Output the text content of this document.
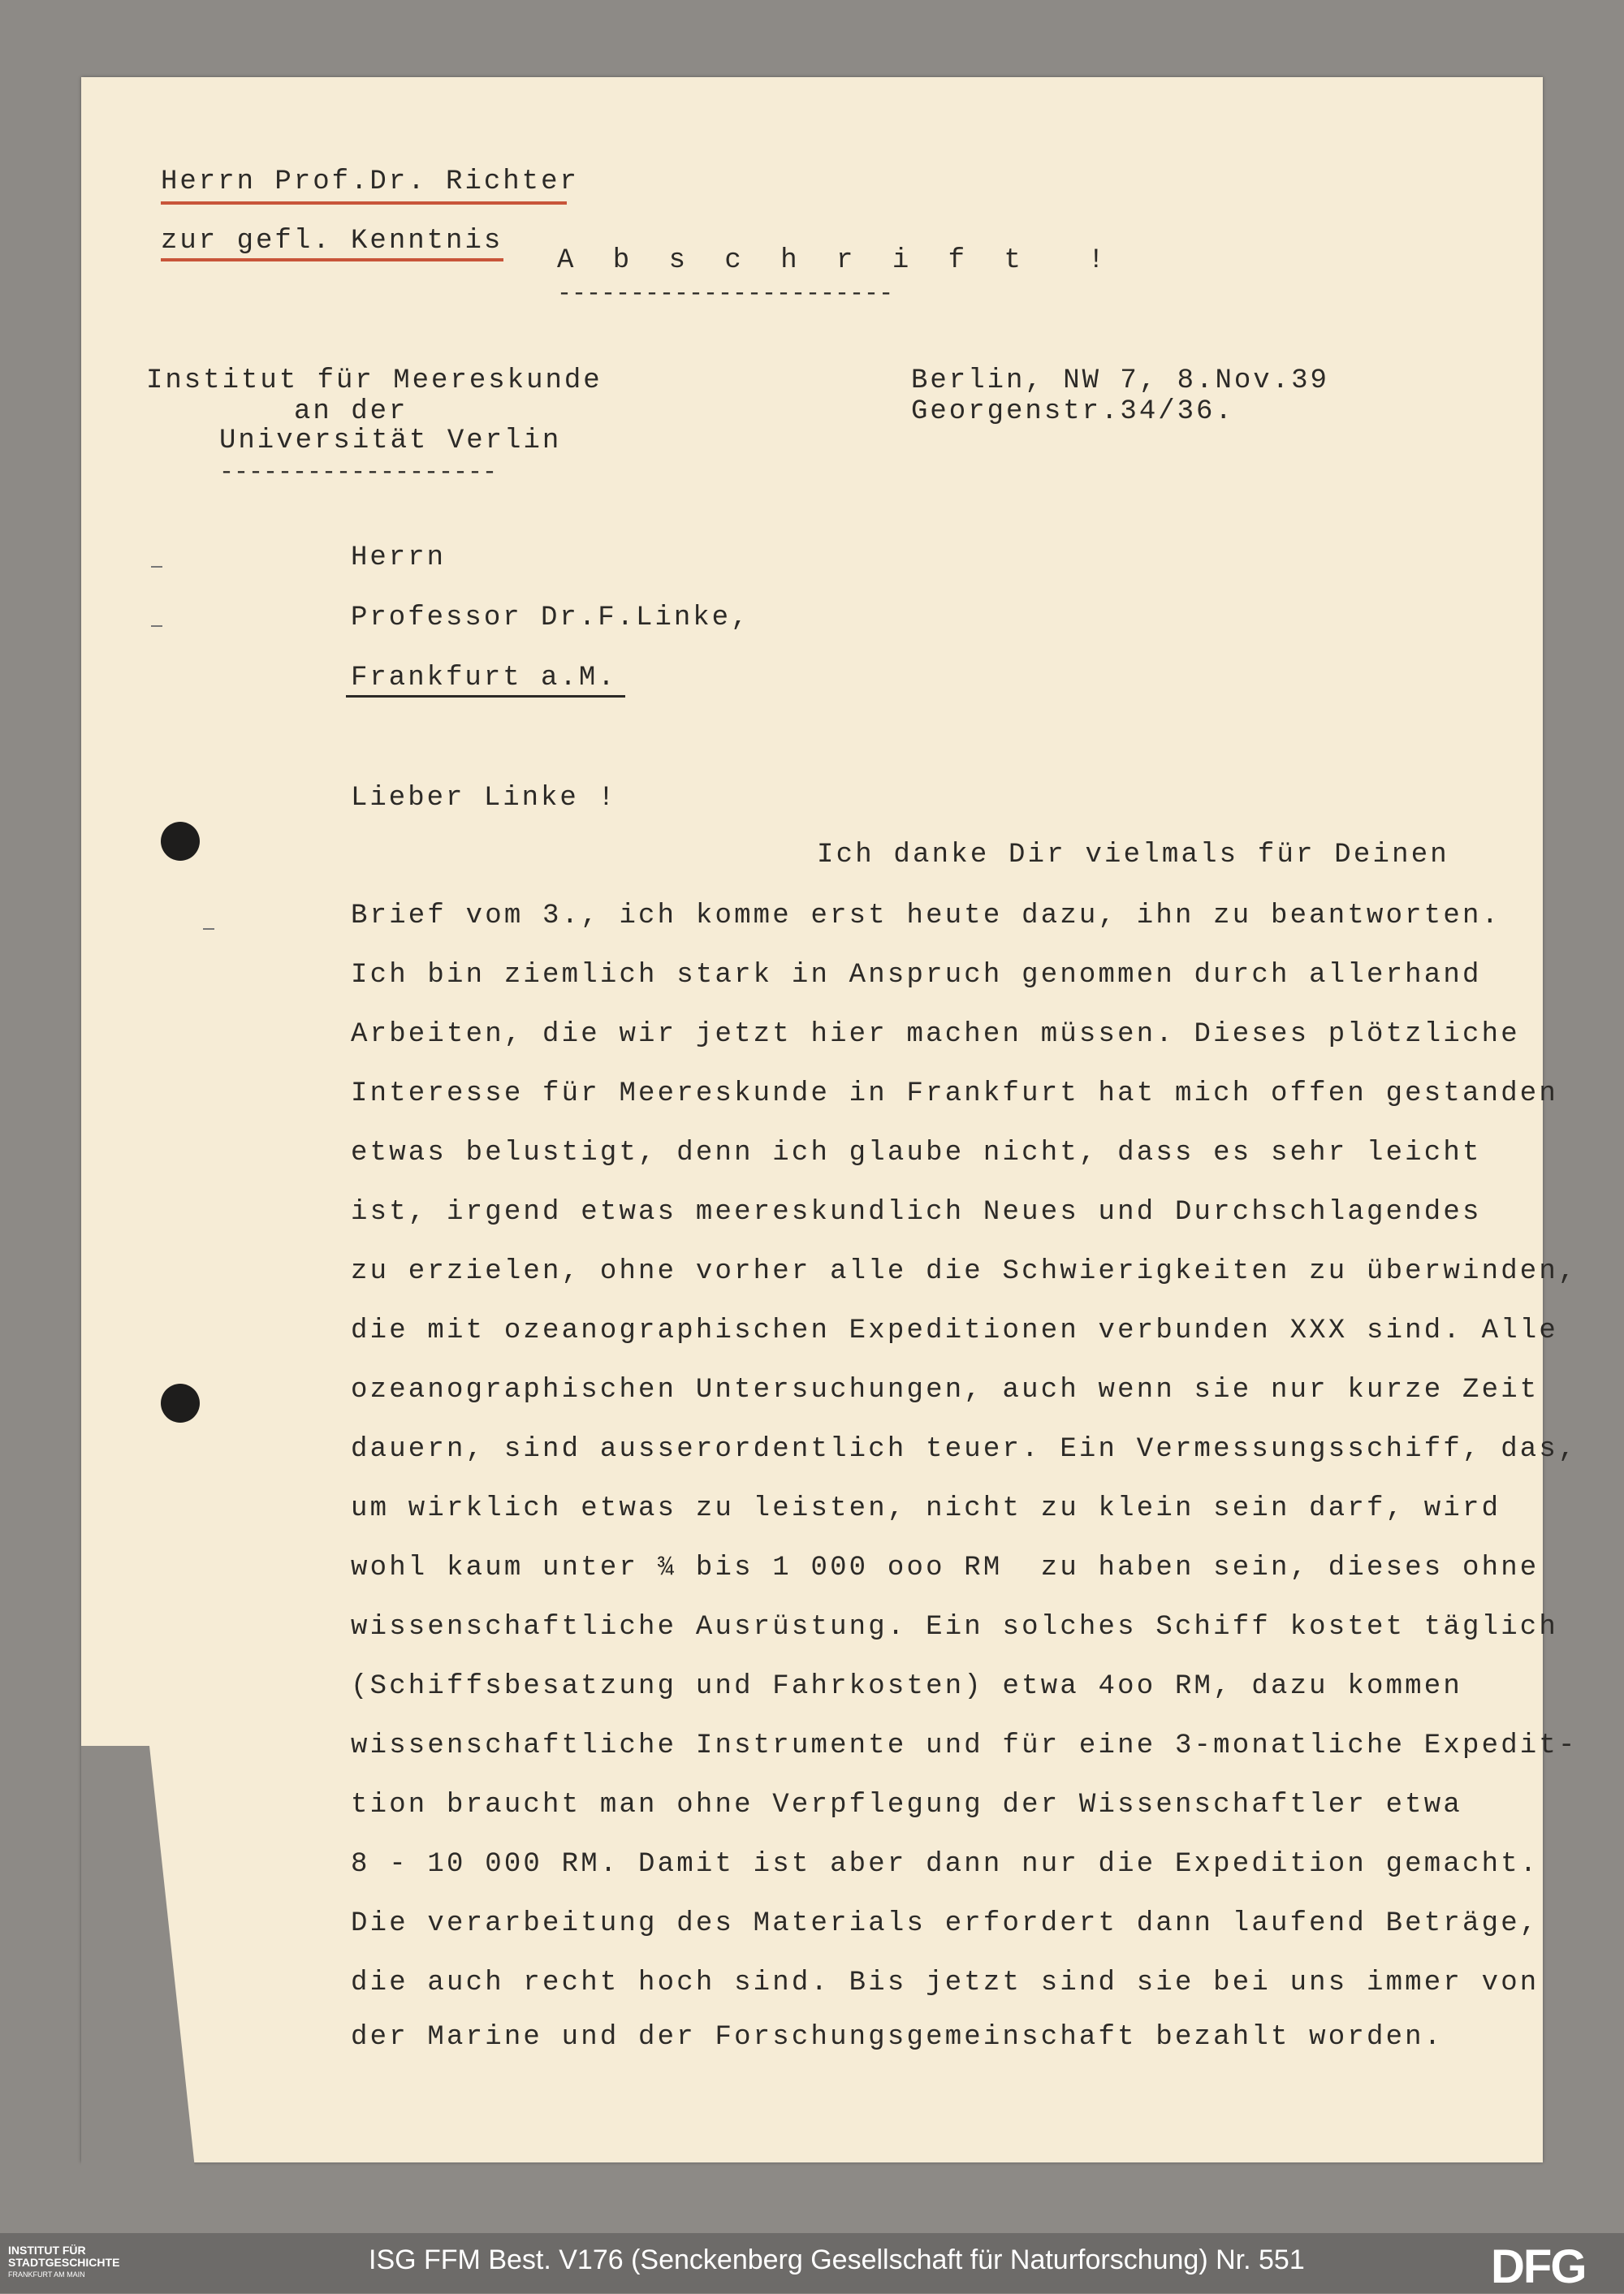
Herrn Prof.Dr. Richter
zur gefl. Kenntnis
A b s c h r i f t  !
-----------------------
Institut für Meereskunde
an der
Universität Verlin
-------------------
Berlin, NW 7, 8.Nov.39
Georgenstr.34/36.
Herrn
Professor Dr.F.Linke,
Frankfurt a.M.
Lieber Linke !
Ich danke Dir vielmals für Deinen
Brief vom 3., ich komme erst heute dazu, ihn zu beantworten.
Ich bin ziemlich stark in Anspruch genommen durch allerhand
Arbeiten, die wir jetzt hier machen müssen. Dieses plötzliche
Interesse für Meereskunde in Frankfurt hat mich offen gestanden
etwas belustigt, denn ich glaube nicht, dass es sehr leicht
ist, irgend etwas meereskundlich Neues und Durchschlagendes
zu erzielen, ohne vorher alle die Schwierigkeiten zu überwinden,
die mit ozeanographischen Expeditionen verbunden XXX sind. Alle
ozeanographischen Untersuchungen, auch wenn sie nur kurze Zeit
dauern, sind ausserordentlich teuer. Ein Vermessungsschiff, das,
um wirklich etwas zu leisten, nicht zu klein sein darf, wird
wohl kaum unter ¾ bis 1 000 ooo RM  zu haben sein, dieses ohne
wissenschaftliche Ausrüstung. Ein solches Schiff kostet täglich
(Schiffsbesatzung und Fahrkosten) etwa 4oo RM, dazu kommen
wissenschaftliche Instrumente und für eine 3-monatliche Expedit-
tion braucht man ohne Verpflegung der Wissenschaftler etwa
8 - 10 000 RM. Damit ist aber dann nur die Expedition gemacht.
Die verarbeitung des Materials erfordert dann laufend Beträge,
die auch recht hoch sind. Bis jetzt sind sie bei uns immer von
der Marine und der Forschungsgemeinschaft bezahlt worden.
INSTITUT FÜR
STADTGESCHICHTE
FRANKFURT AM MAIN	ISG FFM Best. V176 (Senckenberg Gesellschaft für Naturforschung) Nr. 551	DFG
